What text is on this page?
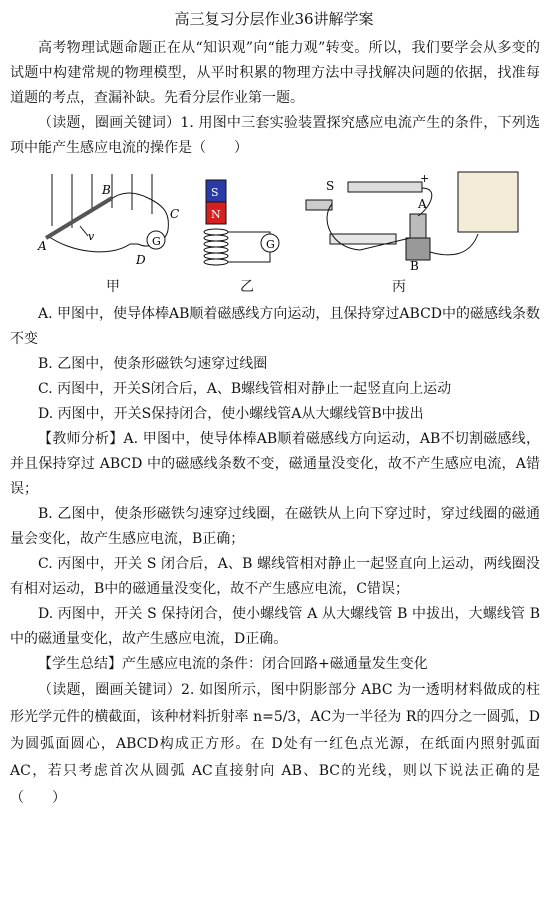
高三复习分层作业36讲解学案
高考物理试题命题正在从“知识观”向“能力观”转变。所以，我们要学会从多变的试题中构建常规的物理模型，从平时积累的物理方法中寻找解决问题的依据，找准每道题的考点，查漏补缺。先看分层作业第一题。
（读题，圈画关键词）1. 用图中三套实验装置探究感应电流产生的条件，下列选项中能产生感应电流的操作是（　　）
G
A
B
C
D
v
S
N
G
S
+
A
B
甲	乙	丙
A. 甲图中，使导体棒AB顺着磁感线方向运动，且保持穿过ABCD中的磁感线条数不变
B. 乙图中，使条形磁铁匀速穿过线圈
C. 丙图中，开关S闭合后，A、B螺线管相对静止一起竖直向上运动
D. 丙图中，开关S保持闭合，使小螺线管A从大螺线管B中拔出
【教师分析】A. 甲图中，使导体棒AB顺着磁感线方向运动，AB不切割磁感线，并且保持穿过 ABCD 中的磁感线条数不变，磁通量没变化，故不产生感应电流，A错误；
B. 乙图中，使条形磁铁匀速穿过线圈，在磁铁从上向下穿过时，穿过线圈的磁通量会变化，故产生感应电流，B正确；
C. 丙图中，开关 S 闭合后，A、B 螺线管相对静止一起竖直向上运动，两线圈没有相对运动，B中的磁通量没变化，故不产生感应电流，C错误；
D. 丙图中，开关 S 保持闭合，使小螺线管 A 从大螺线管 B 中拔出，大螺线管 B 中的磁通量变化，故产生感应电流，D正确。
【学生总结】产生感应电流的条件：闭合回路+磁通量发生变化
（读题，圈画关键词）2. 如图所示，图中阴影部分 ABC 为一透明材料做成的柱形光学元件的横截面，该种材料折射率 n=5/3，AC为一半径为 R的四分之一圆弧，D为圆弧面圆心，ABCD构成正方形。在 D处有一红色点光源，在纸面内照射弧面 AC，若只考虑首次从圆弧 AC直接射向 AB、BC的光线，则以下说法正确的是（　　）
